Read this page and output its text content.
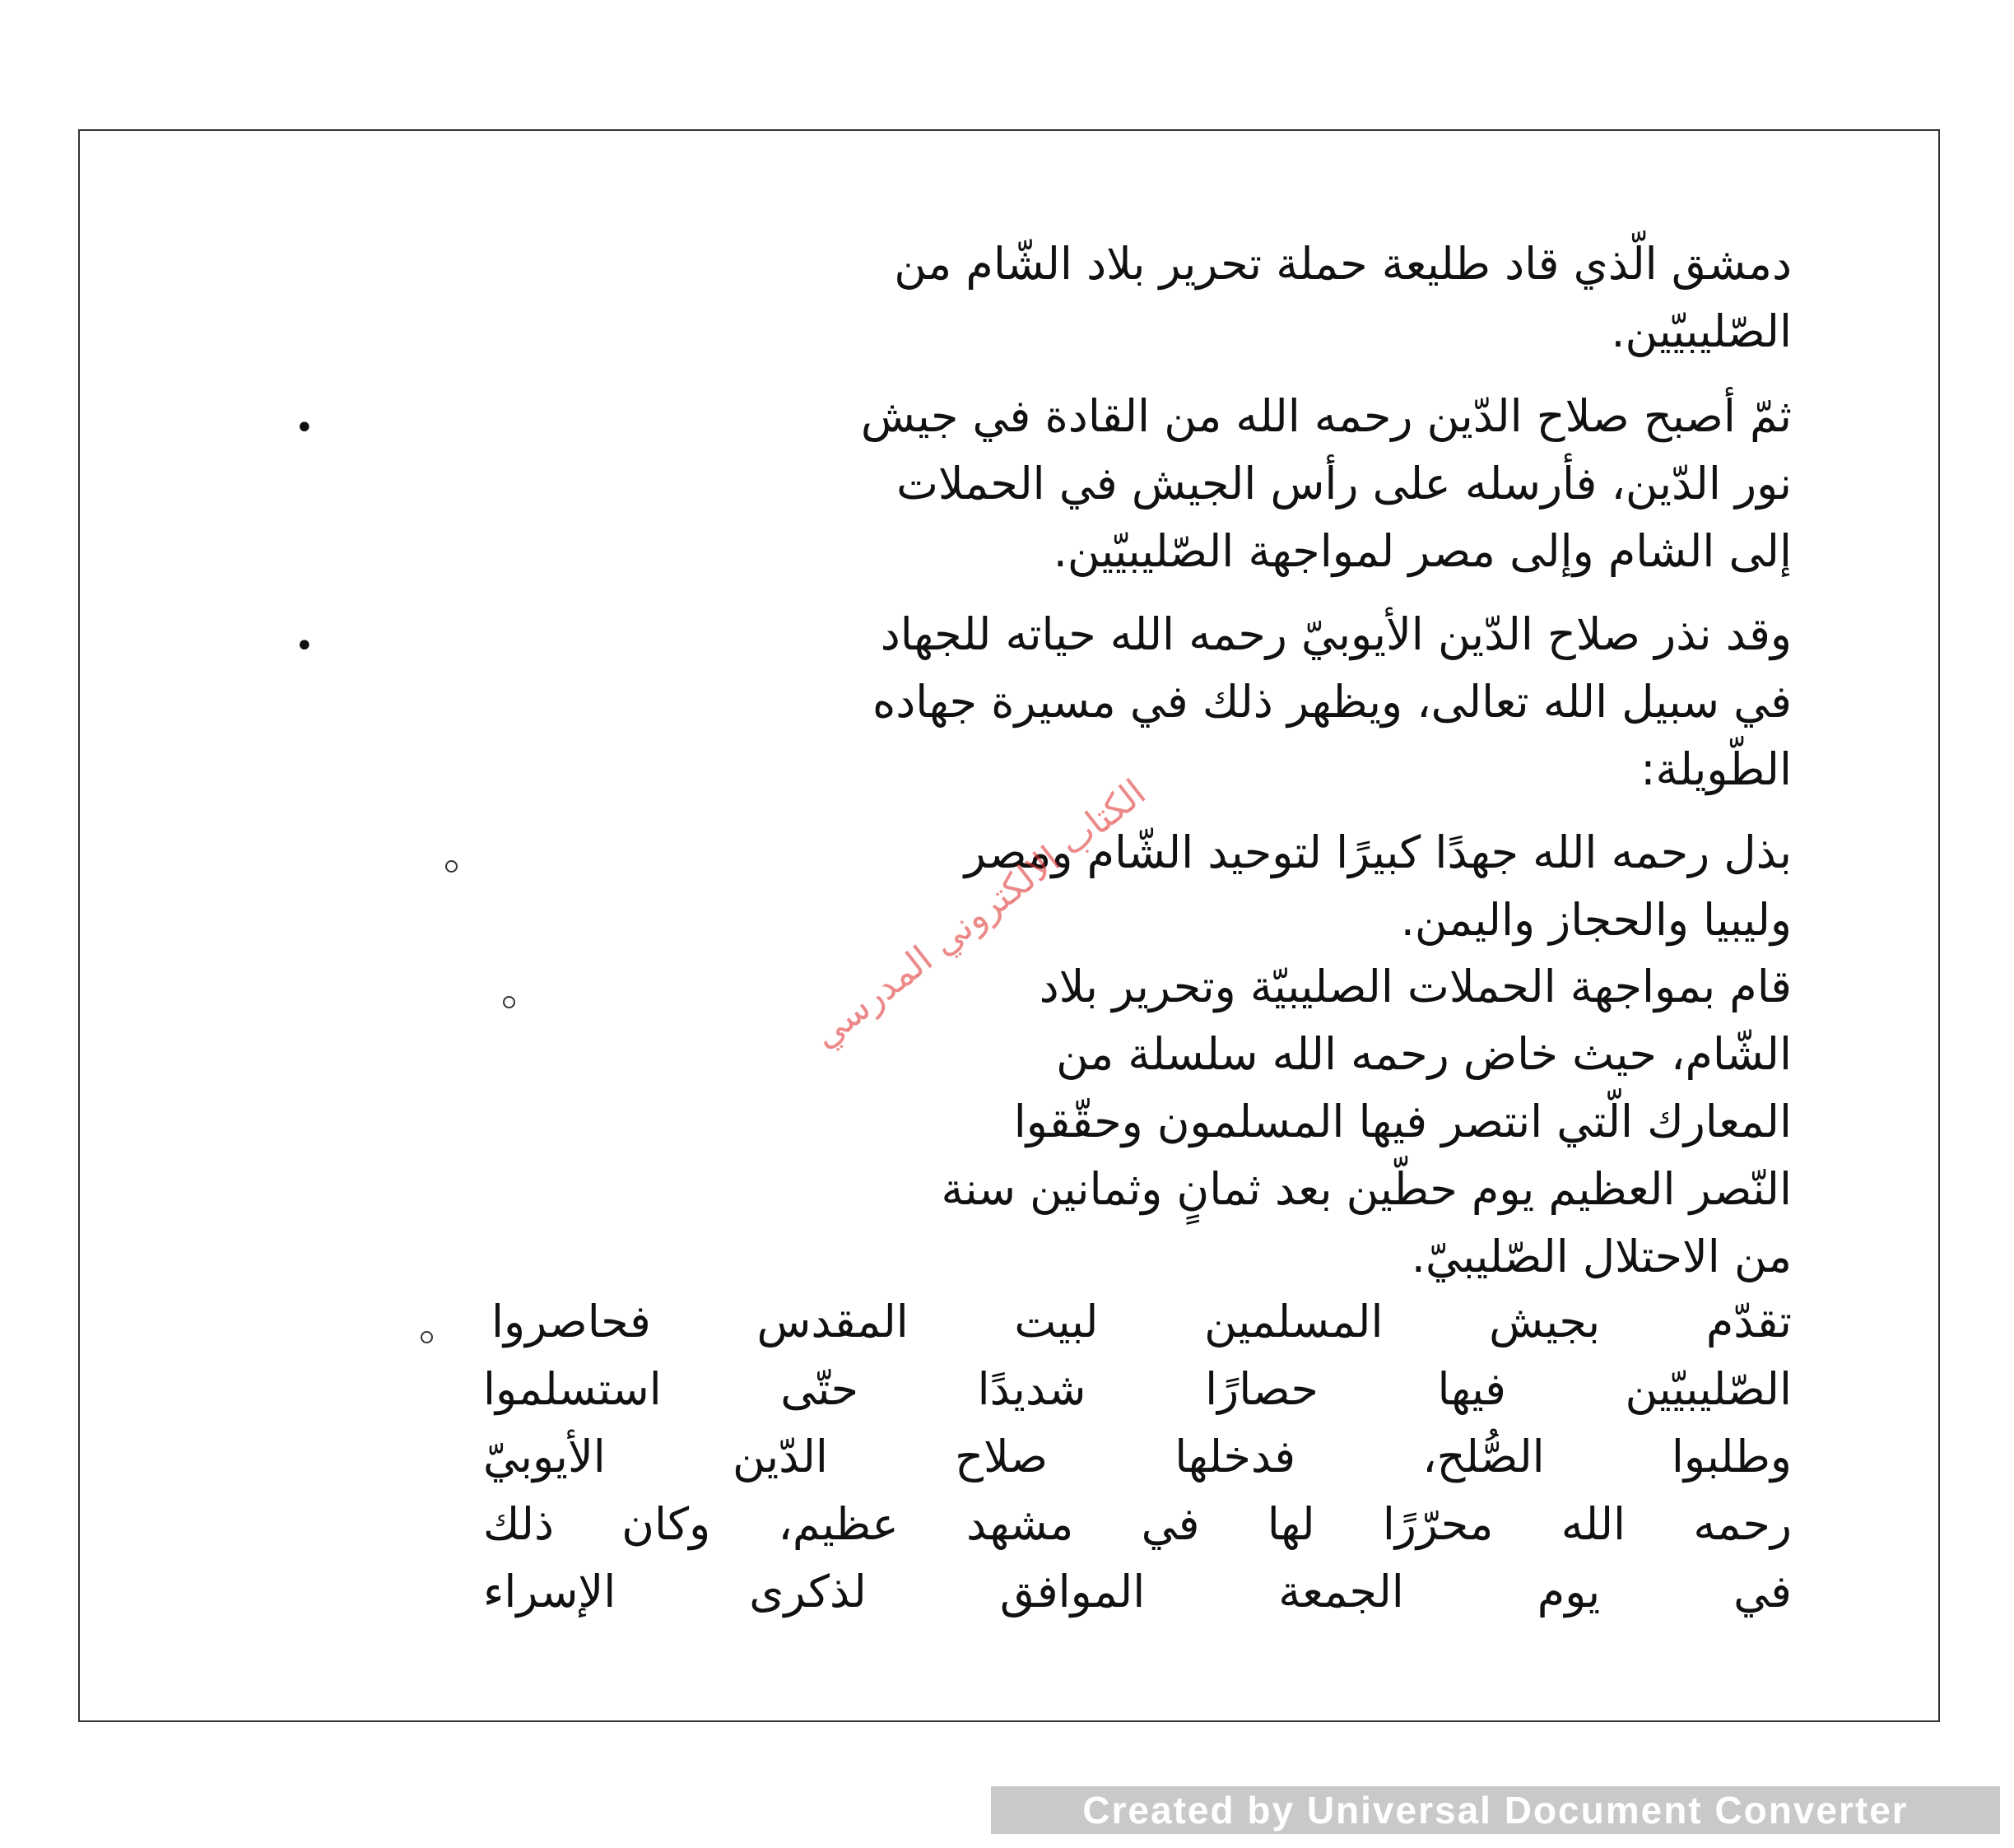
دمشق الّذي قاد طليعة حملة تحرير بلاد الشّام من
الصّليبيّين.
•	ثمّ أصبح صلاح الدّين رحمه الله من القادة في جيش
نور الدّين، فأرسله على رأس الجيش في الحملات
إلى الشام وإلى مصر لمواجهة الصّليبيّين.
•	وقد نذر صلاح الدّين الأيوبيّ رحمه الله حياته للجهاد
في سبيل الله تعالى، ويظهر ذلك في مسيرة جهاده
الطّويلة:
بذل رحمه الله جهدًا كبيرًا لتوحيد الشّام ومصر
وليبيا والحجاز واليمن.
قام بمواجهة الحملات الصليبيّة وتحرير بلاد
الشّام، حيث خاض رحمه الله سلسلة من
المعارك الّتي انتصر فيها المسلمون وحقّقوا
النّصر العظيم يوم حطّين بعد ثمانٍ وثمانين سنة
من الاحتلال الصّليبيّ.
تقدّم بجيش المسلمين لبيت المقدس فحاصروا
الصّليبيّين فيها حصارًا شديدًا حتّى استسلموا
وطلبوا الصُّلح، فدخلها صلاح الدّين الأيوبيّ
رحمه الله محرّرًا لها في مشهد عظيم، وكان ذلك
في يوم الجمعة الموافق لذكرى الإسراء
الكتاب الالكتروني المدرسي
Created by Universal Document Converter
